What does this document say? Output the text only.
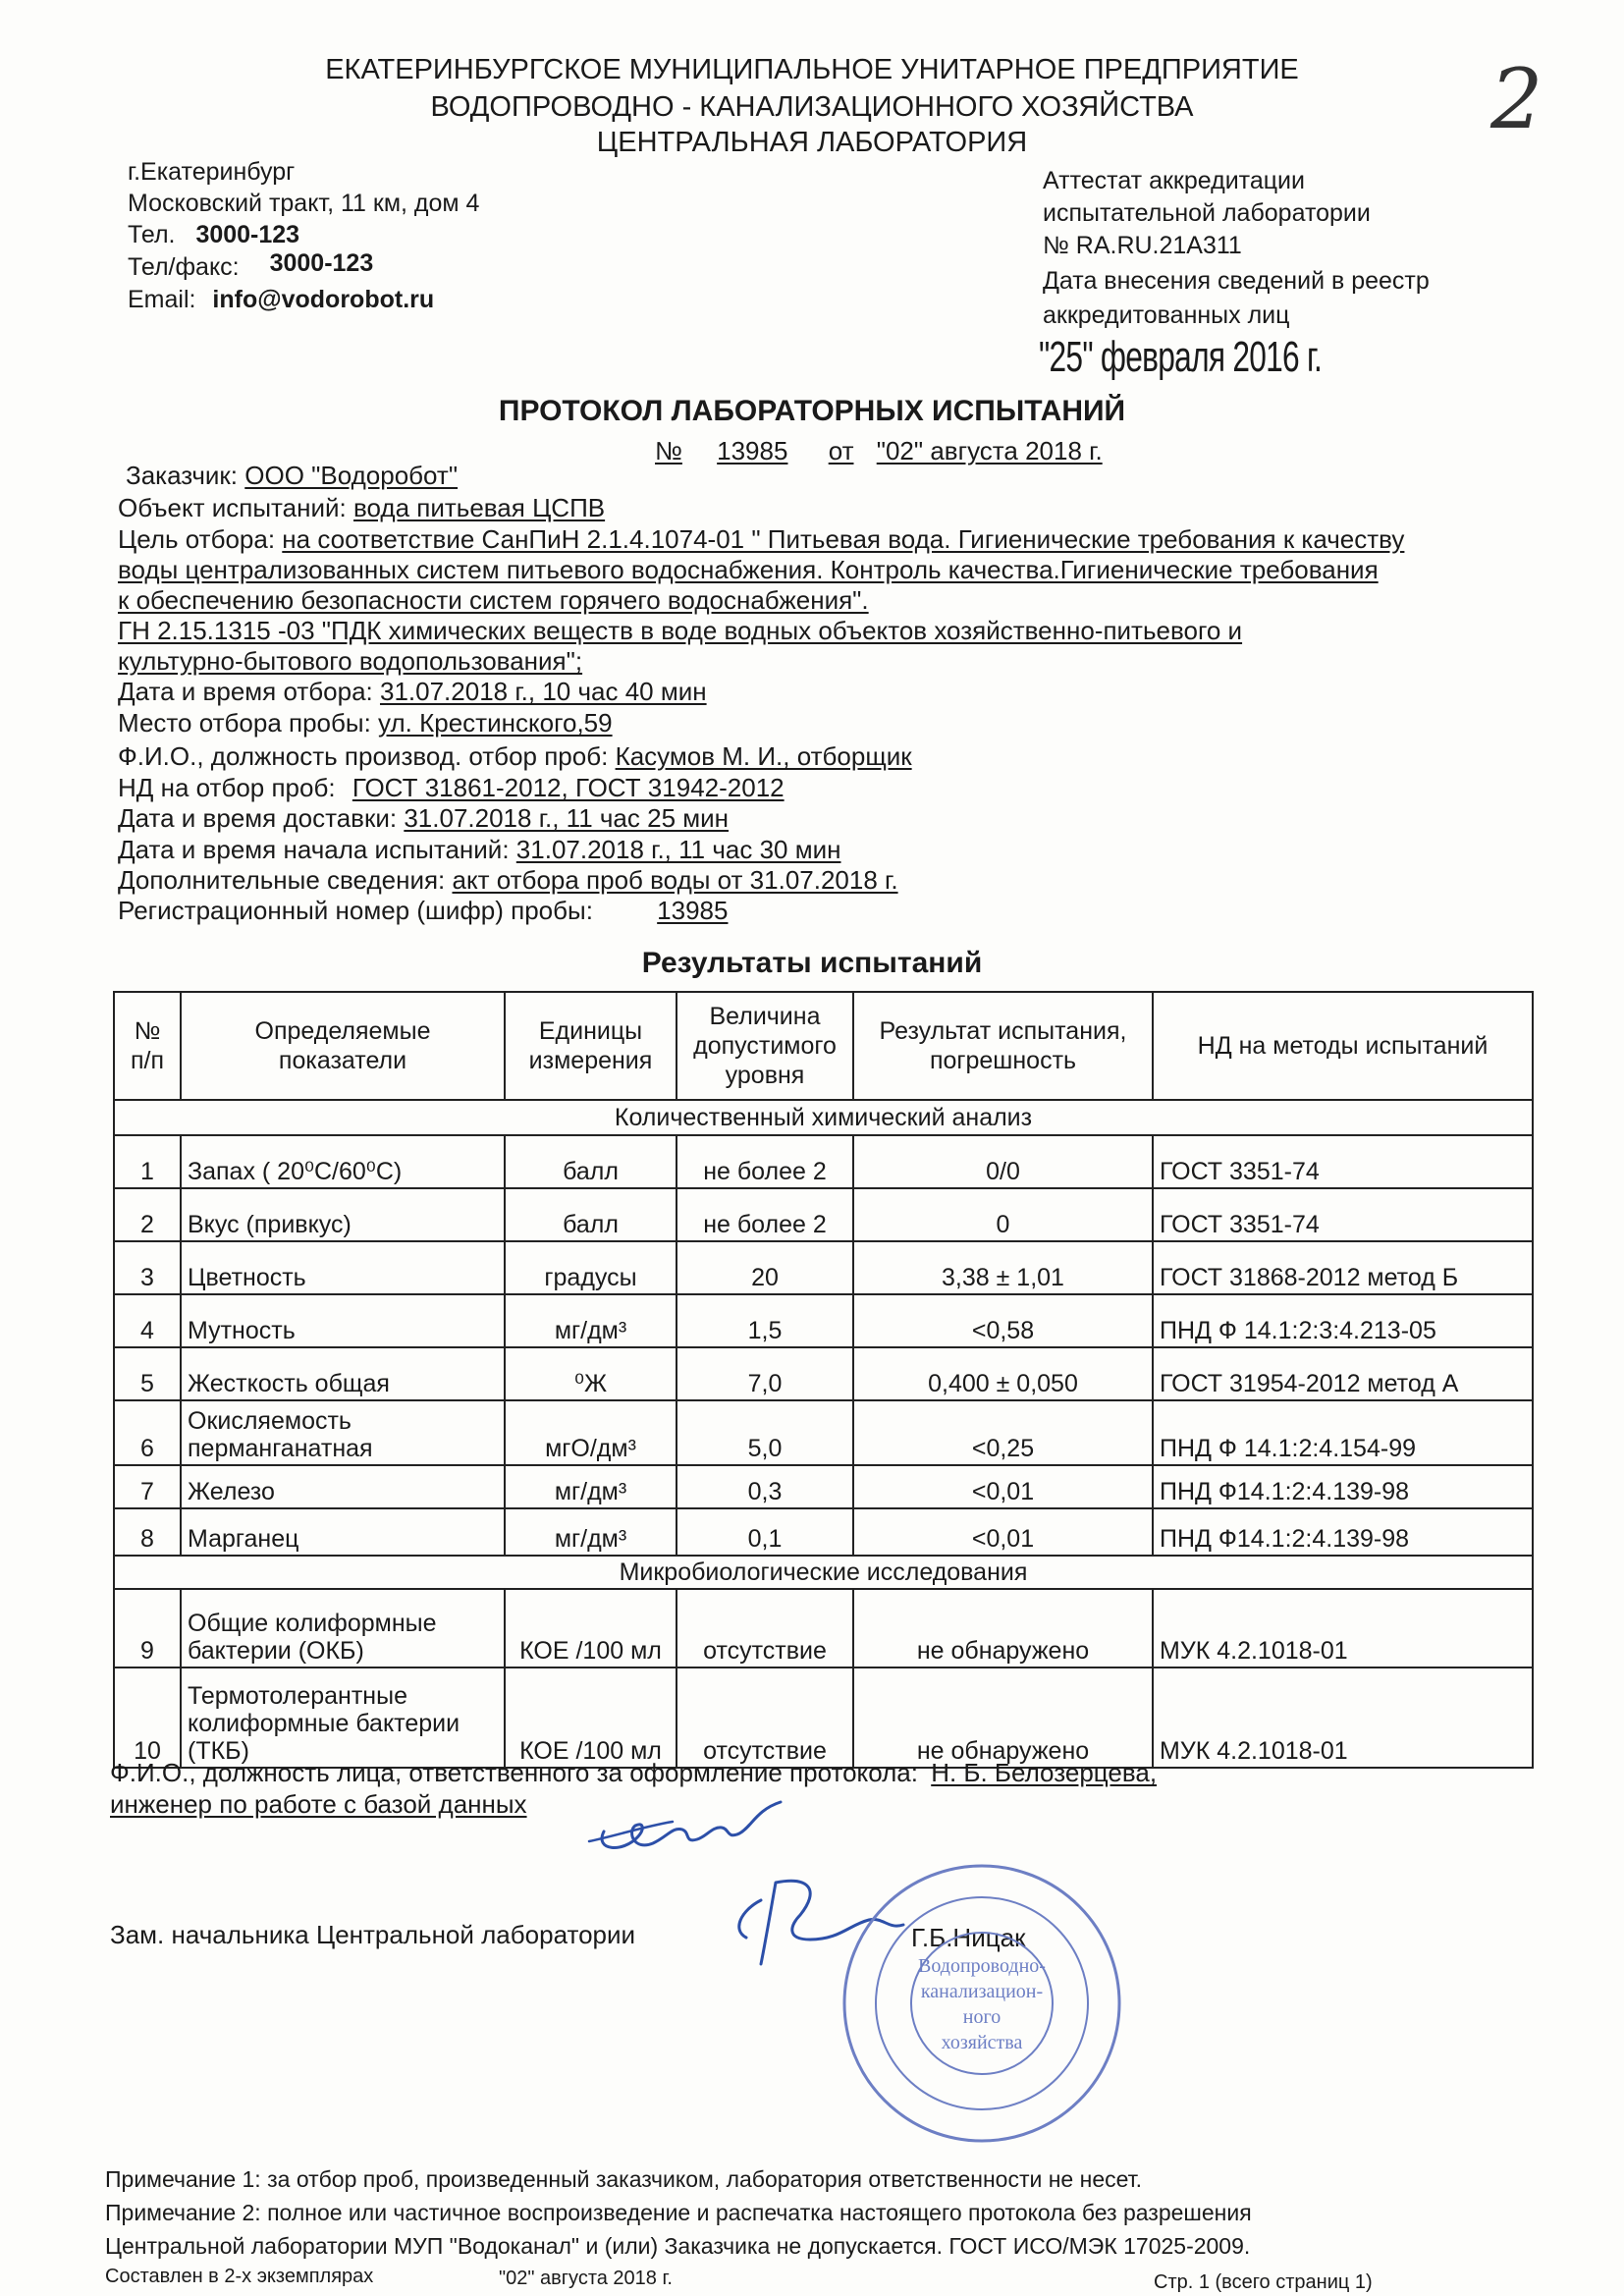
2
ЕКАТЕРИНБУРГСКОЕ МУНИЦИПАЛЬНОЕ УНИТАРНОЕ ПРЕДПРИЯТИЕ
ВОДОПРОВОДНО - КАНАЛИЗАЦИОННОГО ХОЗЯЙСТВА
ЦЕНТРАЛЬНАЯ ЛАБОРАТОРИЯ
г.Екатеринбург
Московский тракт, 11 км, дом 4
Тел. 3000-123
Тел/факс: 3000-123
Email: info@vodorobot.ru
Аттестат аккредитации
испытательной лаборатории
№ RA.RU.21А311
Дата внесения сведений в реестр
аккредитованных лиц
"25" февраля 2016 г.
ПРОТОКОЛ ЛАБОРАТОРНЫХ ИСПЫТАНИЙ
№ 13985 от "02" августа 2018 г.
Заказчик: ООО "Водоробот"
Объект испытаний: вода питьевая ЦСПВ
Цель отбора: на соответствие СанПиН 2.1.4.1074-01 " Питьевая вода. Гигиенические требования к качеству
воды централизованных систем питьевого водоснабжения. Контроль качества.Гигиенические требования
к обеспечению безопасности систем горячего водоснабжения".
ГН 2.15.1315 -03 "ПДК химических веществ в воде водных объектов хозяйственно-питьевого и
культурно-бытового водопользования";
Дата и время отбора: 31.07.2018 г., 10 час 40 мин
Место отбора пробы: ул. Крестинского,59
Ф.И.О., должность производ. отбор проб: Касумов М. И., отборщик
НД на отбор проб: ГОСТ 31861-2012, ГОСТ 31942-2012
Дата и время доставки: 31.07.2018 г., 11 час 25 мин
Дата и время начала испытаний: 31.07.2018 г., 11 час 30 мин
Дополнительные сведения: акт отбора проб воды от 31.07.2018 г.
Регистрационный номер (шифр) пробы:	13985
Результаты испытаний
№ п/п	Определяемые показатели	Единицы измерения	Величина допустимого уровня	Результат испытания, погрешность	НД на методы испытаний
Количественный химический анализ					
1	Запах ( 20⁰С/60⁰С)	балл	не более 2	0/0	ГОСТ 3351-74
2	Вкус (привкус)	балл	не более 2	0	ГОСТ 3351-74
3	Цветность	градусы	20	3,38 ± 1,01	ГОСТ 31868-2012 метод Б
4	Мутность	мг/дм³	1,5	<0,58	ПНД Ф 14.1:2:3:4.213-05
5	Жесткость общая	⁰Ж	7,0	0,400 ± 0,050	ГОСТ 31954-2012 метод А
6	Окисляемость перманганатная	мгО/дм³	5,0	<0,25	ПНД Ф 14.1:2:4.154-99
7	Железо	мг/дм³	0,3	<0,01	ПНД Ф14.1:2:4.139-98
8	Марганец	мг/дм³	0,1	<0,01	ПНД Ф14.1:2:4.139-98
Микробиологические исследования					
9	Общие колиформные бактерии (ОКБ)	КОЕ /100 мл	отсутствие	не обнаружено	МУК 4.2.1018-01
10	Термотолерантные колиформные бактерии (ТКБ)	КОЕ /100 мл	отсутствие	не обнаружено	МУК 4.2.1018-01
Ф.И.О., должность лица, ответственного за оформление протокола: Н. Б. Белозерцева,
инженер по работе с базой данных
Зам. начальника Центральной лаборатории	Г.Б.Ницак
Водопроводно-
канализацион-
ного
хозяйства
Примечание 1: за отбор проб, произведенный заказчиком, лаборатория ответственности не несет.
Примечание 2: полное или частичное воспроизведение и распечатка настоящего протокола без разрешения
Центральной лаборатории МУП "Водоканал" и (или) Заказчика не допускается. ГОСТ ИСО/МЭК 17025-2009.
Составлен в 2-х экземплярах	"02" августа 2018 г.	Стр. 1 (всего страниц 1)
